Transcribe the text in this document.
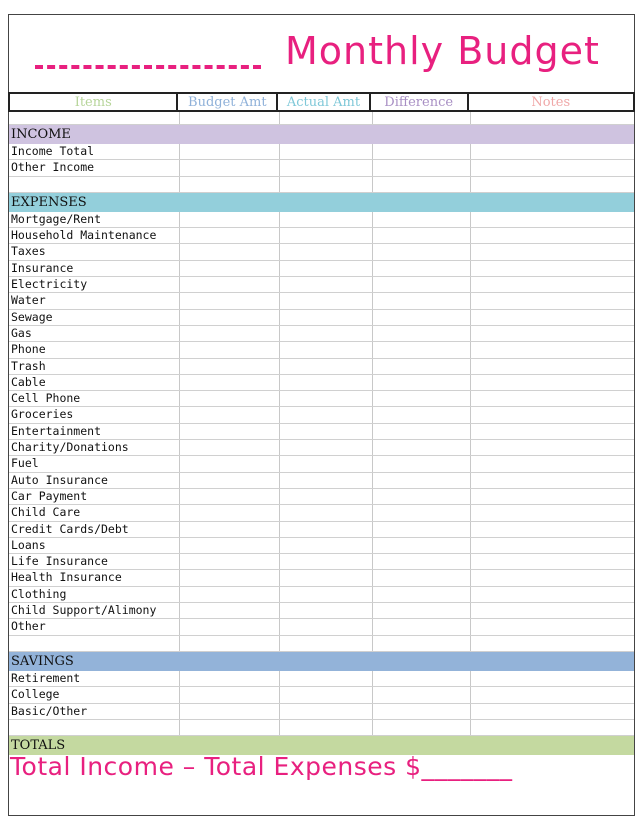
Monthly Budget
Items	Budget Amt	Actual Amt	Difference	Notes
INCOME
Income Total
Other Income
EXPENSES
Mortgage/Rent
Household Maintenance
Taxes
Insurance
Electricity
Water
Sewage
Gas
Phone
Trash
Cable
Cell Phone
Groceries
Entertainment
Charity/Donations
Fuel
Auto Insurance
Car Payment
Child Care
Credit Cards/Debt
Loans
Life Insurance
Health Insurance
Clothing
Child Support/Alimony
Other
SAVINGS
Retirement
College
Basic/Other
TOTALS
Total Income – Total Expenses $_______
